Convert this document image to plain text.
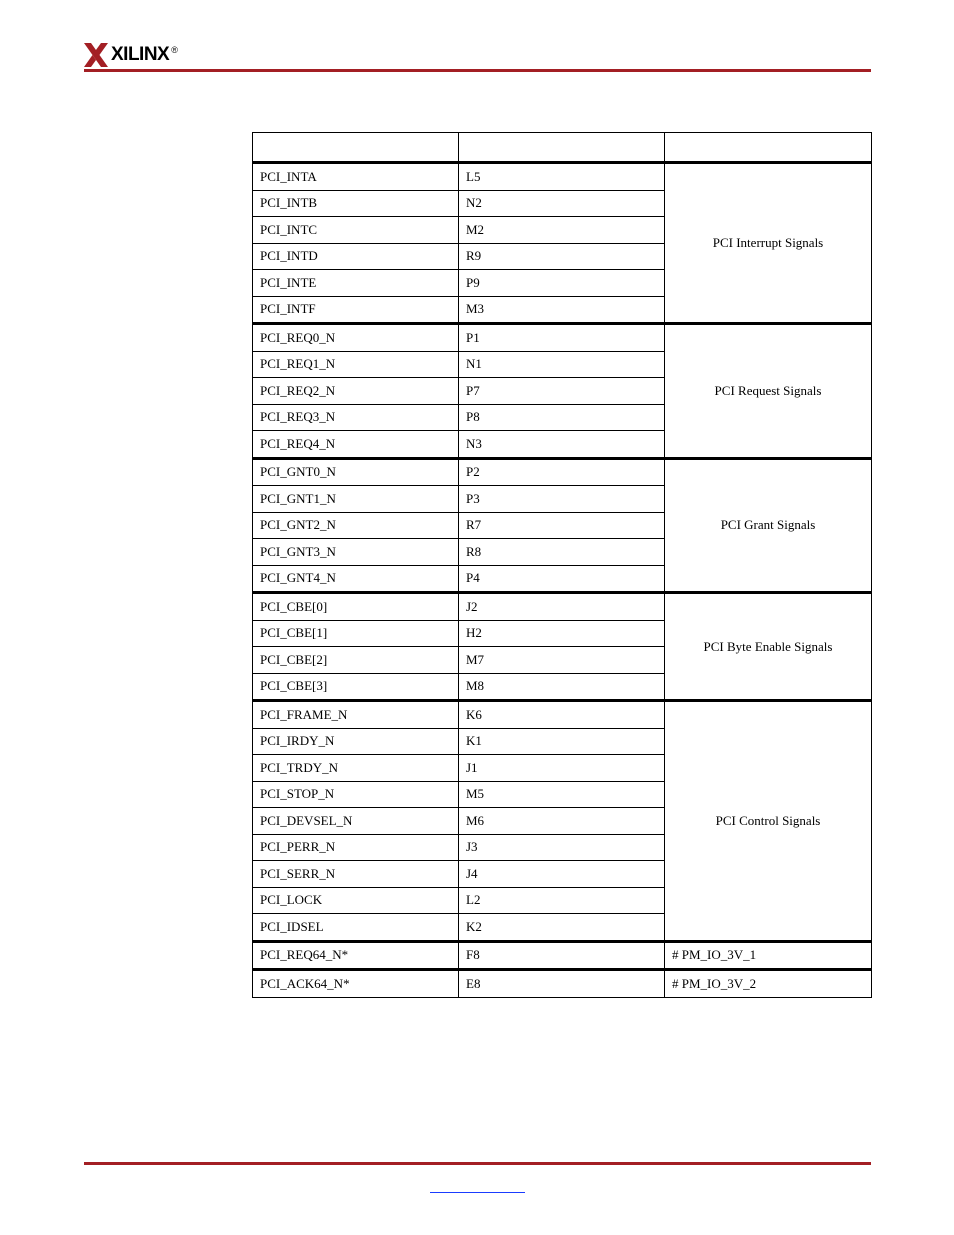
XILINX ®

PCI_INTA	L5	PCI Interrupt Signals
PCI_INTB	N2	
PCI_INTC	M2	
PCI_INTD	R9	
PCI_INTE	P9	
PCI_INTF	M3	
PCI_REQ0_N	P1	PCI Request Signals
PCI_REQ1_N	N1	
PCI_REQ2_N	P7	
PCI_REQ3_N	P8	
PCI_REQ4_N	N3	
PCI_GNT0_N	P2	PCI Grant Signals
PCI_GNT1_N	P3	
PCI_GNT2_N	R7	
PCI_GNT3_N	R8	
PCI_GNT4_N	P4	
PCI_CBE[0]	J2	PCI Byte Enable Signals
PCI_CBE[1]	H2	
PCI_CBE[2]	M7	
PCI_CBE[3]	M8	
PCI_FRAME_N	K6	PCI Control Signals
PCI_IRDY_N	K1	
PCI_TRDY_N	J1	
PCI_STOP_N	M5	
PCI_DEVSEL_N	M6	
PCI_PERR_N	J3	
PCI_SERR_N	J4	
PCI_LOCK	L2	
PCI_IDSEL	K2	
PCI_REQ64_N*	F8	# PM_IO_3V_1
PCI_ACK64_N*	E8	# PM_IO_3V_2
